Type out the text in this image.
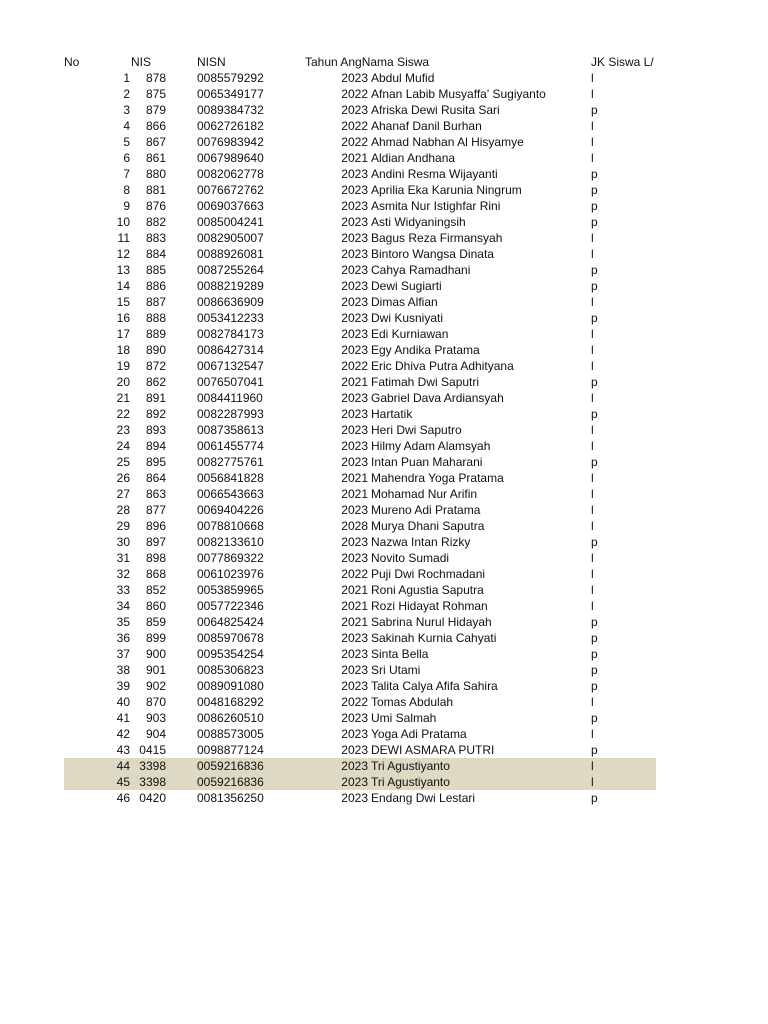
No	NIS	NISN	Tahun AngNama Siswa	JK Siswa L/
1	878	0085579292	2023 Abdul Mufid	l
2	875	0065349177	2022 Afnan Labib Musyaffa' Sugiyanto	l
3	879	0089384732	2023 Afriska Dewi Rusita Sari	p
4	866	0062726182	2022 Ahanaf Danil Burhan	l
5	867	0076983942	2022 Ahmad Nabhan Al Hisyamye	l
6	861	0067989640	2021 Aldian Andhana	l
7	880	0082062778	2023 Andini Resma Wijayanti	p
8	881	0076672762	2023 Aprilia Eka Karunia Ningrum	p
9	876	0069037663	2023 Asmita Nur Istighfar Rini	p
10	882	0085004241	2023 Asti Widyaningsih	p
11	883	0082905007	2023 Bagus Reza Firmansyah	l
12	884	0088926081	2023 Bintoro Wangsa Dinata	l
13	885	0087255264	2023 Cahya Ramadhani	p
14	886	0088219289	2023 Dewi Sugiarti	p
15	887	0086636909	2023 Dimas Alfian	l
16	888	0053412233	2023 Dwi Kusniyati	p
17	889	0082784173	2023 Edi Kurniawan	l
18	890	0086427314	2023 Egy Andika Pratama	l
19	872	0067132547	2022 Eric Dhiva Putra Adhityana	l
20	862	0076507041	2021 Fatimah Dwi Saputri	p
21	891	0084411960	2023 Gabriel Dava Ardiansyah	l
22	892	0082287993	2023 Hartatik	p
23	893	0087358613	2023 Heri Dwi Saputro	l
24	894	0061455774	2023 Hilmy Adam Alamsyah	l
25	895	0082775761	2023 Intan Puan Maharani	p
26	864	0056841828	2021 Mahendra Yoga Pratama	l
27	863	0066543663	2021 Mohamad Nur Arifin	l
28	877	0069404226	2023 Mureno Adi Pratama	l
29	896	0078810668	2028 Murya Dhani Saputra	l
30	897	0082133610	2023 Nazwa Intan Rizky	p
31	898	0077869322	2023 Novito Sumadi	l
32	868	0061023976	2022 Puji Dwi Rochmadani	l
33	852	0053859965	2021 Roni Agustia Saputra	l
34	860	0057722346	2021 Rozi Hidayat Rohman	l
35	859	0064825424	2021 Sabrina Nurul Hidayah	p
36	899	0085970678	2023 Sakinah Kurnia Cahyati	p
37	900	0095354254	2023 Sinta Bella	p
38	901	0085306823	2023 Sri Utami	p
39	902	0089091080	2023 Talita Calya Afifa Sahira	p
40	870	0048168292	2022 Tomas Abdulah	l
41	903	0086260510	2023 Umi Salmah	p
42	904	0088573005	2023 Yoga Adi Pratama	l
43 0415	0098877124	2023 DEWI ASMARA PUTRI	p
44 3398	0059216836	2023 Tri Agustiyanto	l
45 3398	0059216836	2023 Tri Agustiyanto	l
46 0420	0081356250	2023 Endang Dwi Lestari	p
